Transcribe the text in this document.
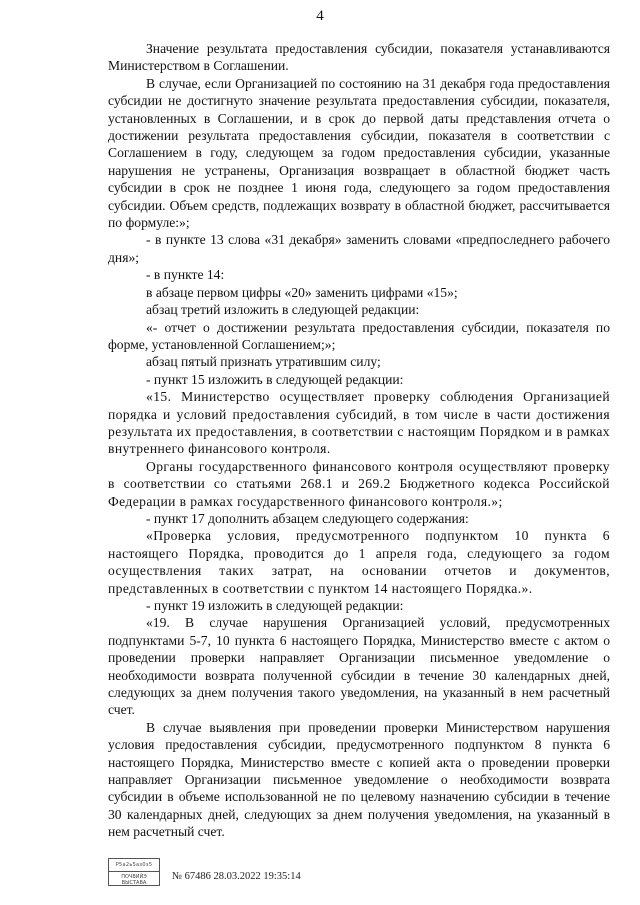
4

Значение результата предоставления субсидии, показателя устанавливаются Министерством в Соглашении.

В случае, если Организацией по состоянию на 31 декабря года предоставления субсидии не достигнуто значение результата предоставления субсидии, показателя, установленных в Соглашении, и в срок до первой даты представления отчета о достижении результата предоставления субсидии, показателя в соответствии с Соглашением в году, следующем за годом предоставления субсидии, указанные нарушения не устранены, Организация возвращает в областной бюджет часть субсидии в срок не позднее 1 июня года, следующего за годом предоставления субсидии. Объем средств, подлежащих возврату в областной бюджет, рассчитывается по формуле:»;

- в пункте 13 слова «31 декабря» заменить словами «предпоследнего рабочего дня»;

- в пункте 14:

в абзаце первом цифры «20» заменить цифрами «15»;

абзац третий изложить в следующей редакции:

«- отчет о достижении результата предоставления субсидии, показателя по форме, установленной Соглашением;»;

абзац пятый признать утратившим силу;

- пункт 15 изложить в следующей редакции:

«15. Министерство осуществляет проверку соблюдения Организацией порядка и условий предоставления субсидий, в том числе в части достижения результата их предоставления, в соответствии с настоящим Порядком и в рамках внутреннего финансового контроля.

Органы государственного финансового контроля осуществляют проверку в соответствии со статьями 268.1 и 269.2 Бюджетного кодекса Российской Федерации в рамках государственного финансового контроля.»;

- пункт 17 дополнить абзацем следующего содержания:

«Проверка условия, предусмотренного подпунктом 10 пункта 6 настоящего Порядка, проводится до 1 апреля года, следующего за годом осуществления таких затрат, на основании отчетов и документов, представленных в соответствии с пунктом 14 настоящего Порядка.».

- пункт 19 изложить в следующей редакции:

«19. В случае нарушения Организацией условий, предусмотренных подпунктами 5-7, 10 пункта 6 настоящего Порядка, Министерство вместе с актом о проведении проверки направляет Организации письменное уведомление о необходимости возврата полученной субсидии в течение 30 календарных дней, следующих за днем получения такого уведомления, на указанный в нем расчетный счет.

В случае выявления при проведении проверки Министерством нарушения условия предоставления субсидии, предусмотренного подпунктом 8 пункта 6 настоящего Порядка, Министерство вместе с копией акта о проведении проверки направляет Организации письменное уведомление о необходимости возврата субсидии в объеме использованной не по целевому назначению субсидии в течение 30 календарных дней, следующих за днем получения уведомления, на указанный в нем расчетный счет.

Р5а2ь5аз0з5
ПОЧВИЙЭ ВЫСТАВА
№ 67486 28.03.2022 19:35:14
